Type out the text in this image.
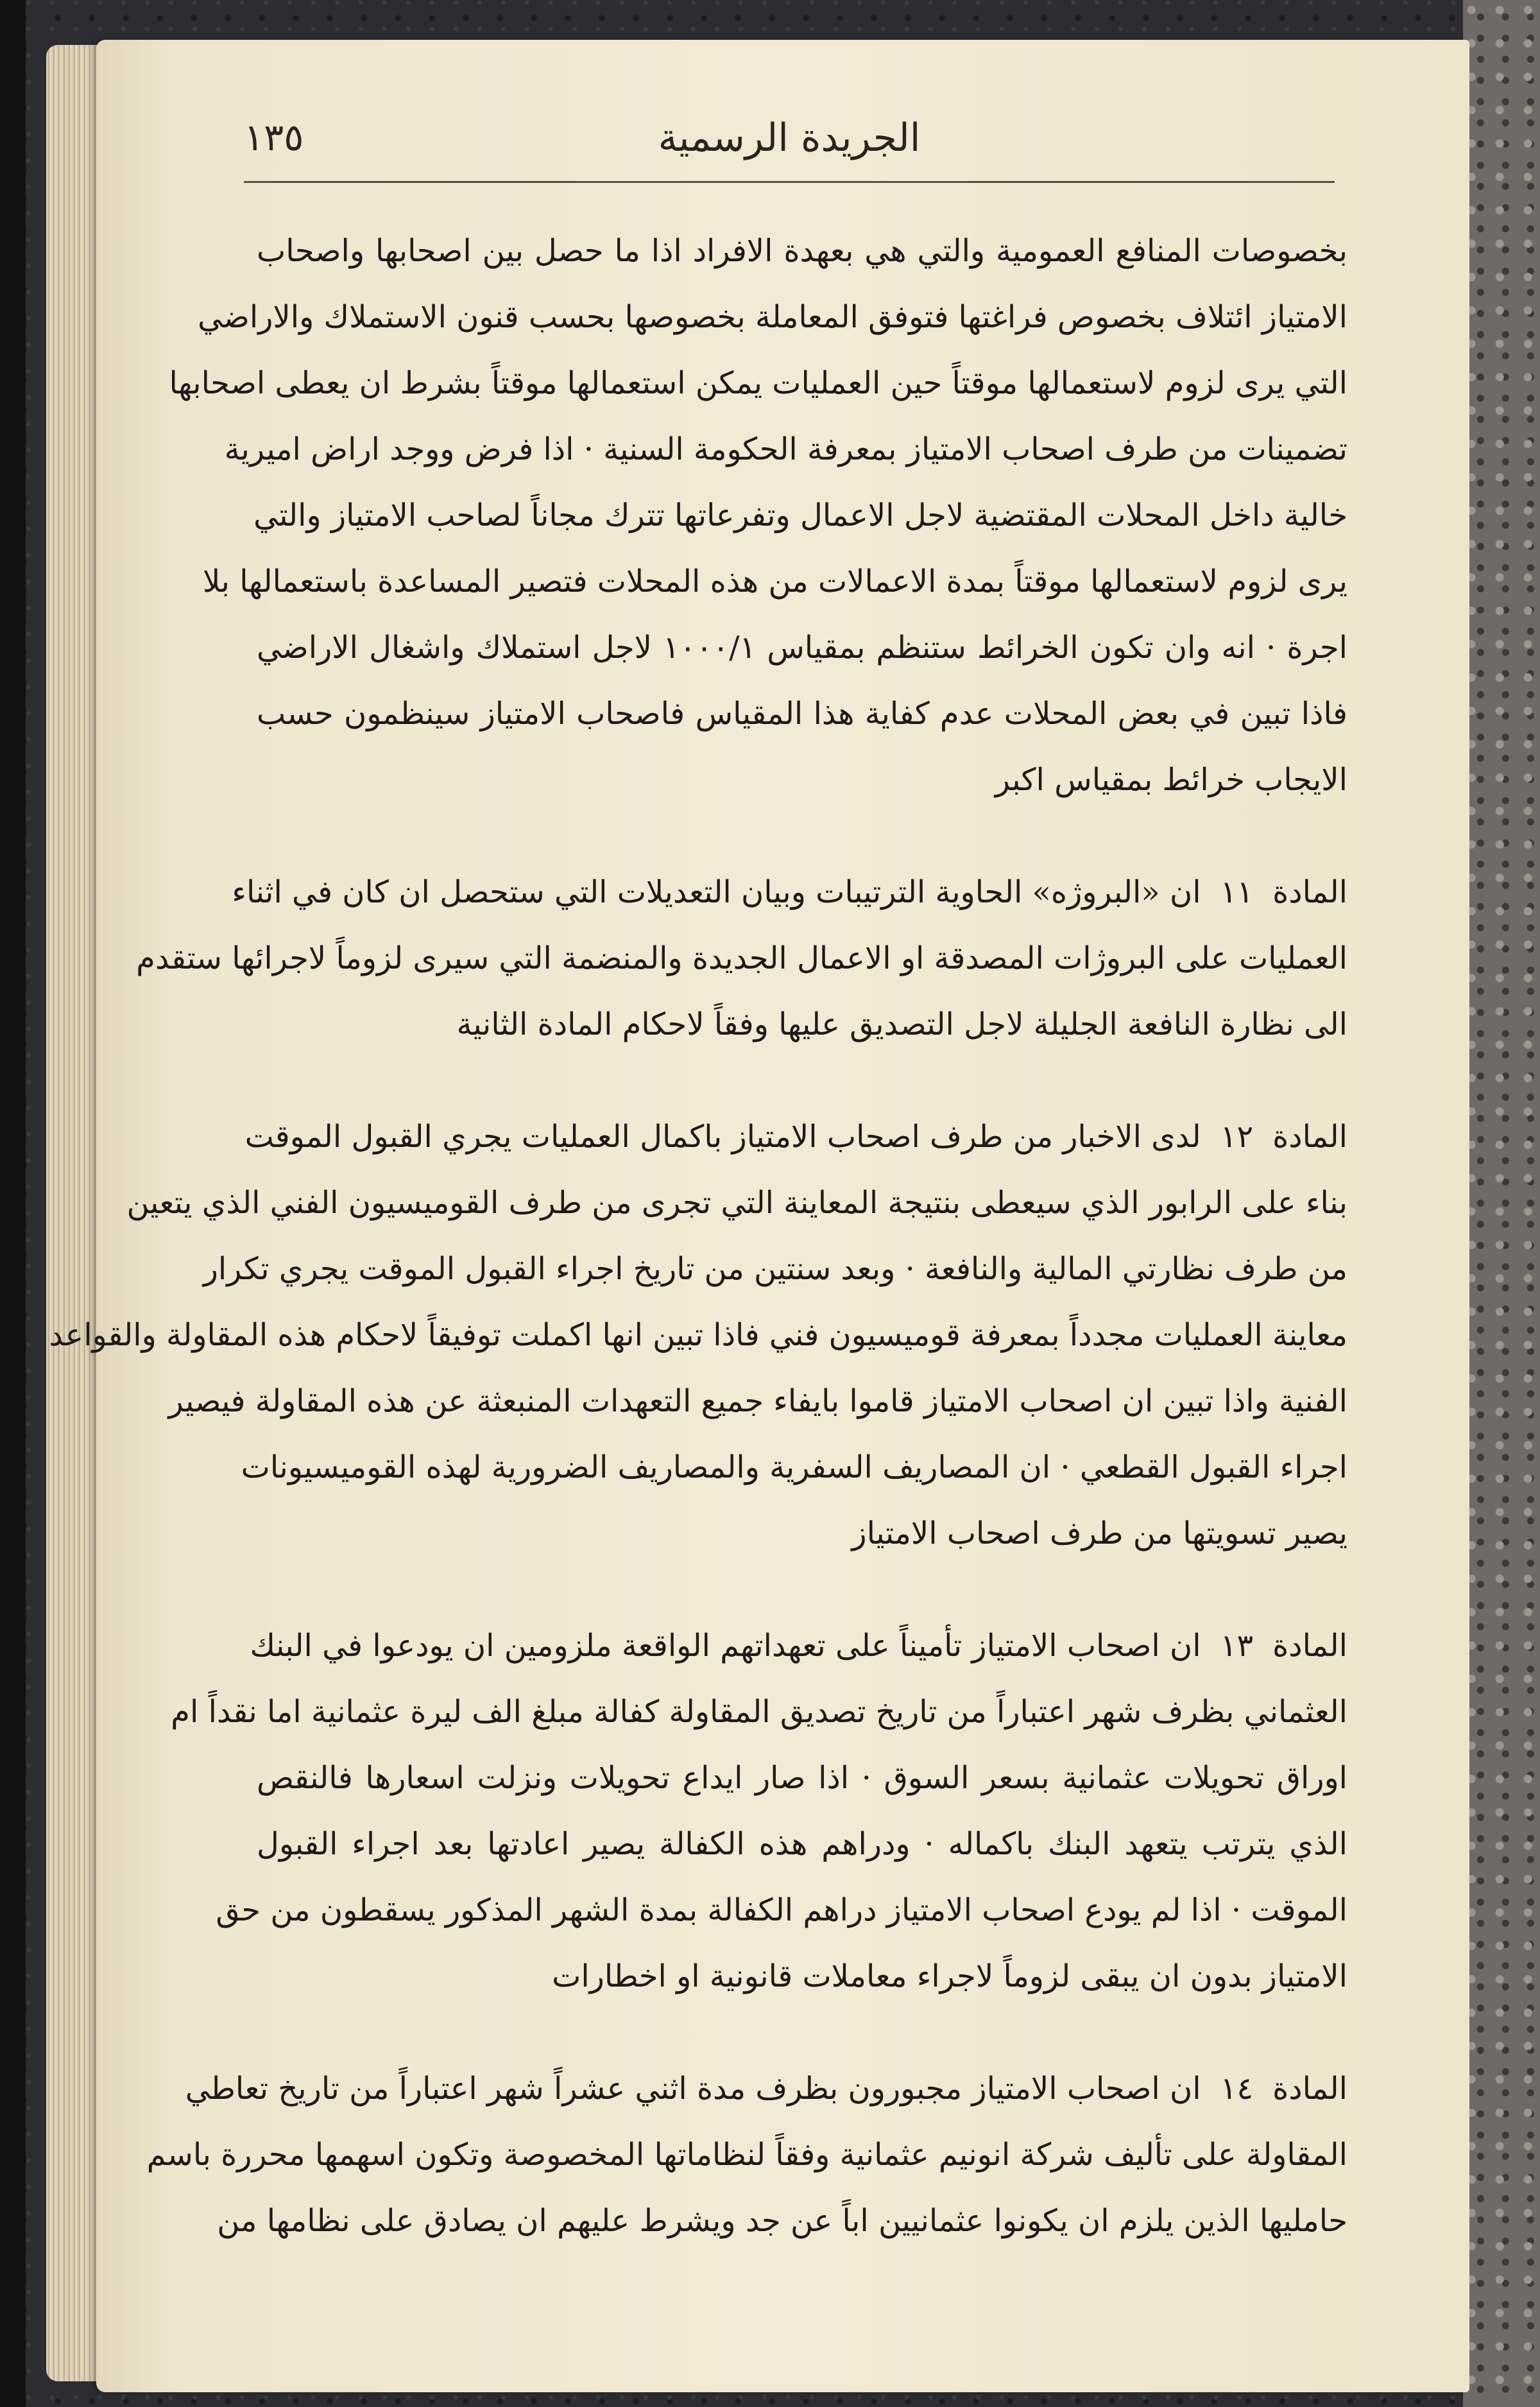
الجريدة الرسمية
١٣٥
بخصوصات المنافع العمومية والتي هي بعهدة الافراد اذا ما حصل بين اصحابها واصحاب
الامتياز ائتلاف بخصوص فراغتها فتوفق المعاملة بخصوصها بحسب قنون الاستملاك والاراضي
التي يرى لزوم لاستعمالها موقتاً حين العمليات يمكن استعمالها موقتاً بشرط ان يعطى اصحابها
تضمينات من طرف اصحاب الامتياز بمعرفة الحكومة السنية · اذا فرض ووجد اراض اميرية
خالية داخل المحلات المقتضية لاجل الاعمال وتفرعاتها تترك مجاناً لصاحب الامتياز والتي
يرى لزوم لاستعمالها موقتاً بمدة الاعمالات من هذه المحلات فتصير المساعدة باستعمالها بلا
اجرة · انه وان تكون الخرائط ستنظم بمقياس ١٠٠٠/١ لاجل استملاك واشغال الاراضي
فاذا تبين في بعض المحلات عدم كفاية هذا المقياس فاصحاب الامتياز سينظمون حسب
الايجاب خرائط بمقياس اكبر
المادة١١ان «البروژه» الحاوية الترتيبات وبيان التعديلات التي ستحصل ان كان في اثناء
العمليات على البروژات المصدقة او الاعمال الجديدة والمنضمة التي سيرى لزوماً لاجرائها ستقدم
الى نظارة النافعة الجليلة لاجل التصديق عليها وفقاً لاحكام المادة الثانية
المادة١٢لدى الاخبار من طرف اصحاب الامتياز باكمال العمليات يجري القبول الموقت
بناء على الرابور الذي سيعطى بنتيجة المعاينة التي تجرى من طرف القوميسيون الفني الذي يتعين
من طرف نظارتي المالية والنافعة · وبعد سنتين من تاريخ اجراء القبول الموقت يجري تكرار
معاينة العمليات مجدداً بمعرفة قوميسيون فني فاذا تبين انها اكملت توفيقاً لاحكام هذه المقاولة والقواعد
الفنية واذا تبين ان اصحاب الامتياز قاموا بايفاء جميع التعهدات المنبعثة عن هذه المقاولة فيصير
اجراء القبول القطعي · ان المصاريف السفرية والمصاريف الضرورية لهذه القوميسيونات
يصير تسويتها من طرف اصحاب الامتياز
المادة١٣ان اصحاب الامتياز تأميناً على تعهداتهم الواقعة ملزومين ان يودعوا في البنك
العثماني بظرف شهر اعتباراً من تاريخ تصديق المقاولة كفالة مبلغ الف ليرة عثمانية اما نقداً ام
اوراق تحويلات عثمانية بسعر السوق · اذا صار ايداع تحويلات ونزلت اسعارها فالنقص
الذي يترتب يتعهد البنك باكماله · ودراهم هذه الكفالة يصير اعادتها بعد اجراء القبول
الموقت · اذا لم يودع اصحاب الامتياز دراهم الكفالة بمدة الشهر المذكور يسقطون من حق
الامتياز بدون ان يبقى لزوماً لاجراء معاملات قانونية او اخطارات
المادة١٤ان اصحاب الامتياز مجبورون بظرف مدة اثني عشراً شهر اعتباراً من تاريخ تعاطي
المقاولة على تأليف شركة انونيم عثمانية وفقاً لنظاماتها المخصوصة وتكون اسهمها محررة باسم
حامليها الذين يلزم ان يكونوا عثمانيين اباً عن جد ويشرط عليهم ان يصادق على نظامها من
